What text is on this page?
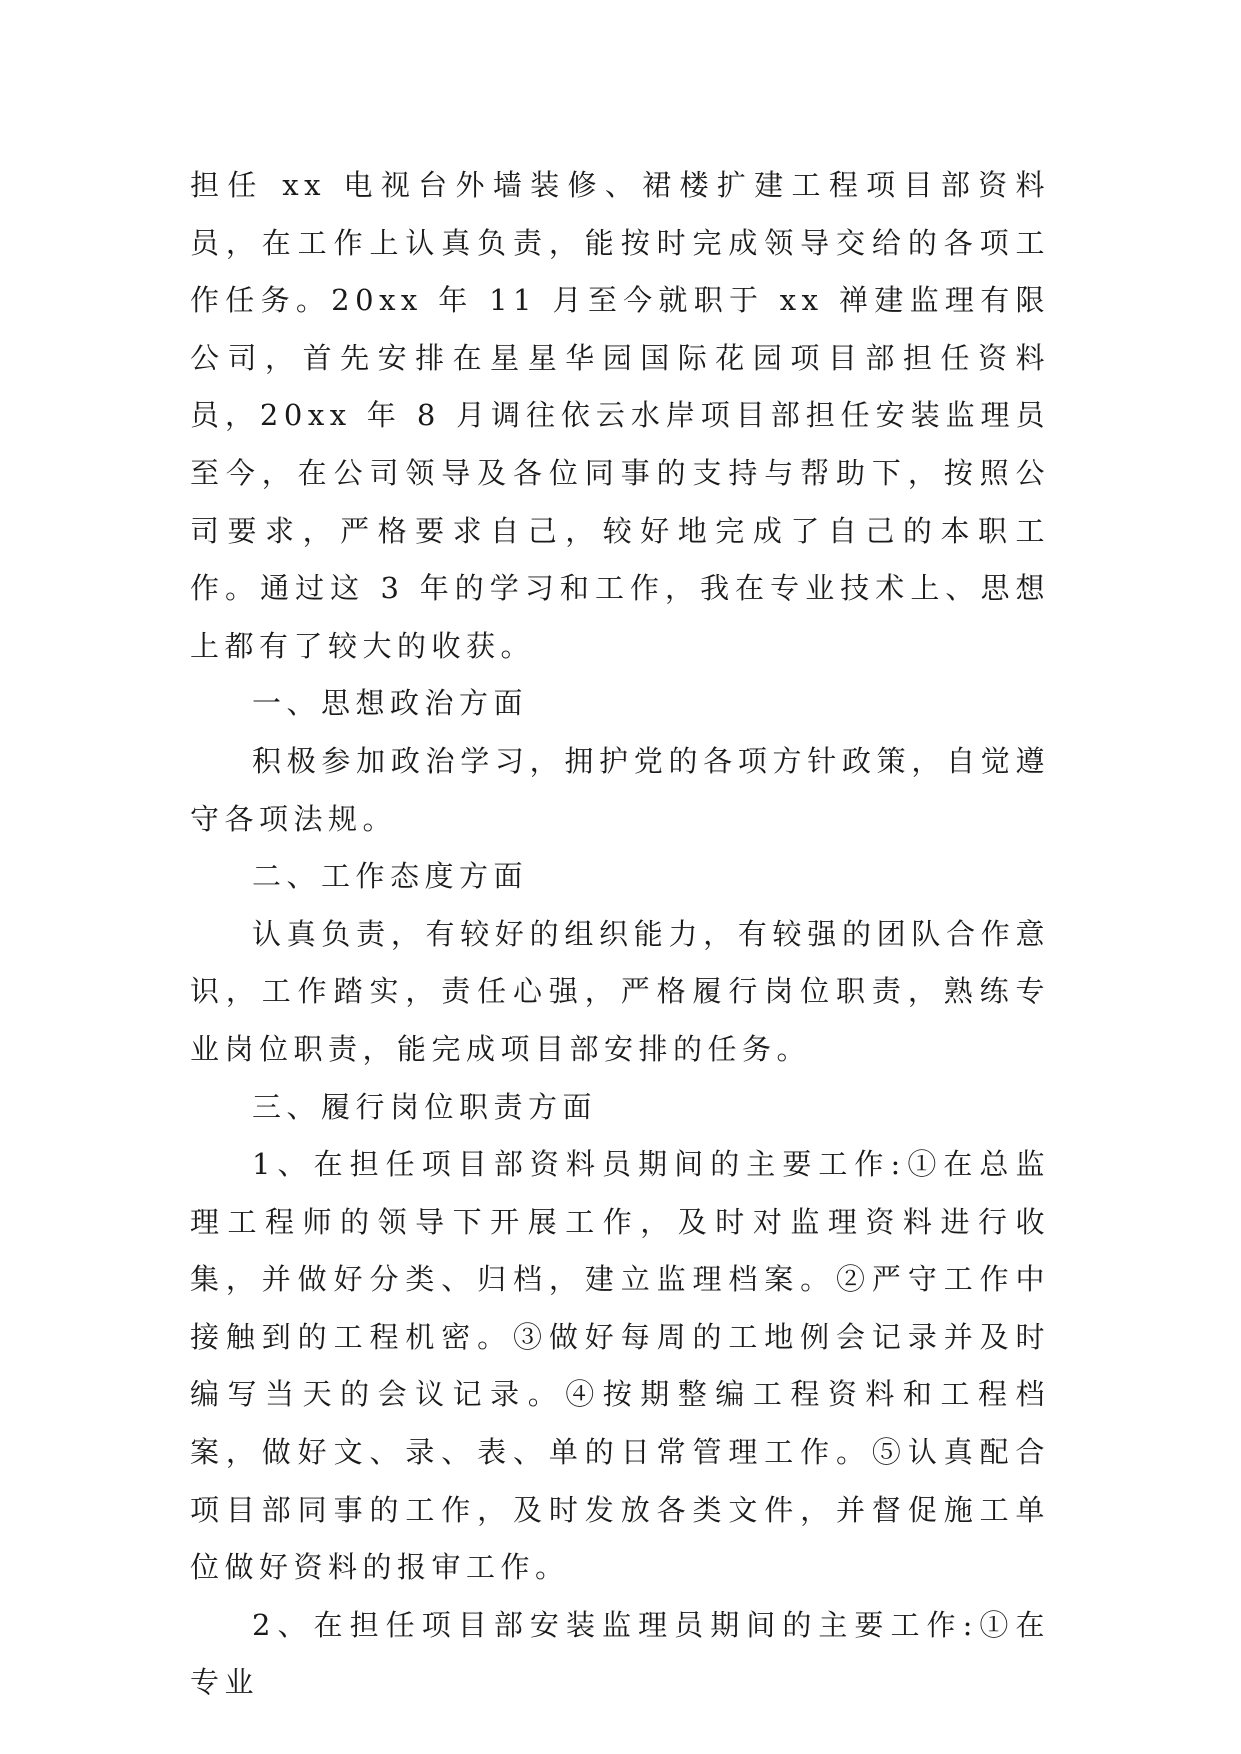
担任 xx 电视台外墙装修、裙楼扩建工程项目部资料员，在工作上认真负责，能按时完成领导交给的各项工作任务。20xx 年 11 月至今就职于 xx 禅建监理有限公司，首先安排在星星华园国际花园项目部担任资料员，20xx 年 8 月调往依云水岸项目部担任安装监理员至今，在公司领导及各位同事的支持与帮助下，按照公司要求，严格要求自己，较好地完成了自己的本职工作。通过这 3 年的学习和工作，我在专业技术上、思想上都有了较大的收获。

一、思想政治方面

积极参加政治学习，拥护党的各项方针政策，自觉遵守各项法规。

二、工作态度方面

认真负责，有较好的组织能力，有较强的团队合作意识，工作踏实，责任心强，严格履行岗位职责，熟练专业岗位职责，能完成项目部安排的任务。

三、履行岗位职责方面

1、在担任项目部资料员期间的主要工作:①在总监理工程师的领导下开展工作，及时对监理资料进行收集，并做好分类、归档，建立监理档案。②严守工作中接触到的工程机密。③做好每周的工地例会记录并及时编写当天的会议记录。④按期整编工程资料和工程档案，做好文、录、表、单的日常管理工作。⑤认真配合项目部同事的工作，及时发放各类文件，并督促施工单位做好资料的报审工作。

2、在担任项目部安装监理员期间的主要工作:①在专业
